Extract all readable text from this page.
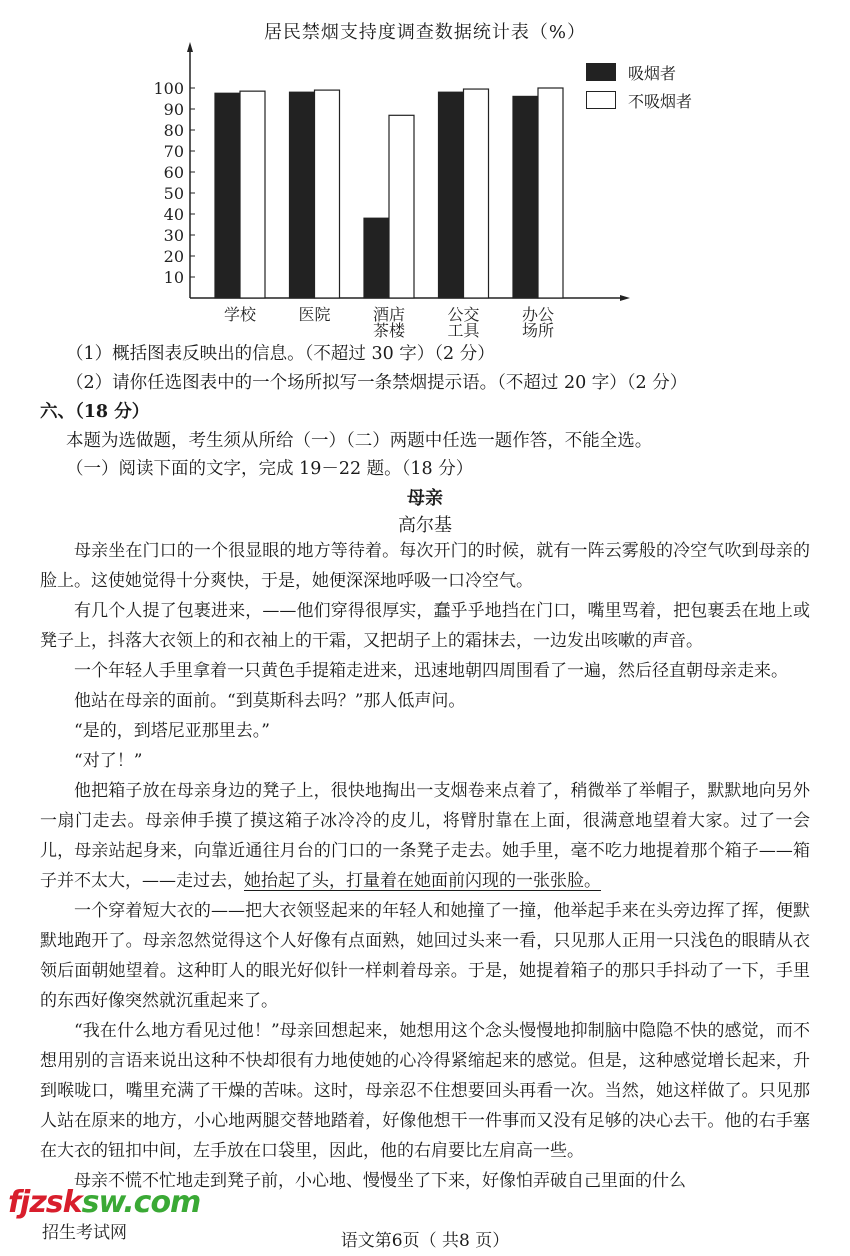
居民禁烟支持度调查数据统计表（%）
10
20
30
40
50
60
70
80
90
100
学校	医院	酒店
茶楼
公交
工具
办公
场所
吸烟者
不吸烟者
（1）概括图表反映出的信息。（不超过 30 字）（2 分）
（2）请你任选图表中的一个场所拟写一条禁烟提示语。（不超过 20 字）（2 分）
六、（18 分）
本题为选做题，考生须从所给（一）（二）两题中任选一题作答，不能全选。
（一）阅读下面的文字，完成 19－22 题。（18 分）
母亲
高尔基

母亲坐在门口的一个很显眼的地方等待着。每次开门的时候，就有一阵云雾般的冷空气吹到母亲的脸上。这使她觉得十分爽快，于是，她便深深地呼吸一口冷空气。

有几个人提了包裹进来，——他们穿得很厚实，蠢乎乎地挡在门口，嘴里骂着，把包裹丢在地上或凳子上，抖落大衣领上的和衣袖上的干霜，又把胡子上的霜抹去，一边发出咳嗽的声音。

一个年轻人手里拿着一只黄色手提箱走进来，迅速地朝四周围看了一遍，然后径直朝母亲走来。

他站在母亲的面前。“到莫斯科去吗？”那人低声问。

“是的，到塔尼亚那里去。”

“对了！”

他把箱子放在母亲身边的凳子上，很快地掏出一支烟卷来点着了，稍微举了举帽子，默默地向另外一扇门走去。母亲伸手摸了摸这箱子冰冷冷的皮儿，将臂肘靠在上面，很满意地望着大家。过了一会儿，母亲站起身来，向靠近通往月台的门口的一条凳子走去。她手里，毫不吃力地提着那个箱子——箱子并不太大，——走过去，她抬起了头，打量着在她面前闪现的一张张脸。

一个穿着短大衣的——把大衣领竖起来的年轻人和她撞了一撞，他举起手来在头旁边挥了挥，便默默地跑开了。母亲忽然觉得这个人好像有点面熟，她回过头来一看，只见那人正用一只浅色的眼睛从衣领后面朝她望着。这种盯人的眼光好似针一样刺着母亲。于是，她提着箱子的那只手抖动了一下，手里的东西好像突然就沉重起来了。

“我在什么地方看见过他！”母亲回想起来，她想用这个念头慢慢地抑制脑中隐隐不快的感觉，而不想用别的言语来说出这种不快却很有力地使她的心冷得紧缩起来的感觉。但是，这种感觉增长起来，升到喉咙口，嘴里充满了干燥的苦味。这时，母亲忍不住想要回头再看一次。当然，她这样做了。只见那人站在原来的地方，小心地两腿交替地踏着，好像他想干一件事而又没有足够的决心去干。他的右手塞在大衣的钮扣中间，左手放在口袋里，因此，他的右肩要比左肩高一些。

母亲不慌不忙地走到凳子前，小心地、慢慢坐了下来，好像怕弄破自己里面的什么

fjzsksw.com
招生考试网	语文第6页（ 共8 页）
